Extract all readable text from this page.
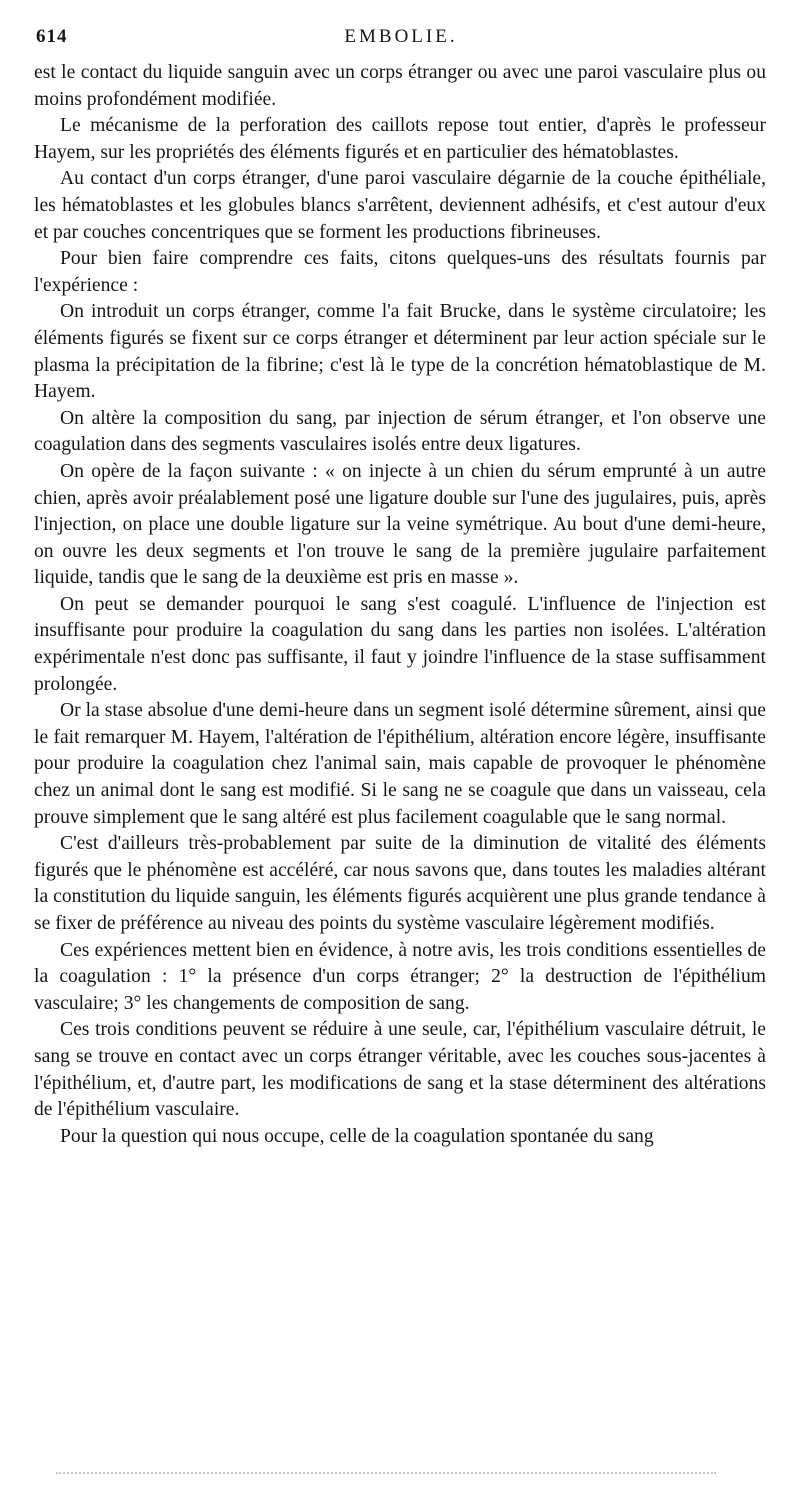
614	EMBOLIE.

est le contact du liquide sanguin avec un corps étranger ou avec une paroi vasculaire plus ou moins profondément modifiée.

Le mécanisme de la perforation des caillots repose tout entier, d'après le professeur Hayem, sur les propriétés des éléments figurés et en particulier des hématoblastes.

Au contact d'un corps étranger, d'une paroi vasculaire dégarnie de la couche épithéliale, les hématoblastes et les globules blancs s'arrêtent, deviennent adhésifs, et c'est autour d'eux et par couches concentriques que se forment les productions fibrineuses.

Pour bien faire comprendre ces faits, citons quelques-uns des résultats fournis par l'expérience :

On introduit un corps étranger, comme l'a fait Brucke, dans le système circulatoire; les éléments figurés se fixent sur ce corps étranger et déterminent par leur action spéciale sur le plasma la précipitation de la fibrine; c'est là le type de la concrétion hématoblastique de M. Hayem.

On altère la composition du sang, par injection de sérum étranger, et l'on observe une coagulation dans des segments vasculaires isolés entre deux ligatures.

On opère de la façon suivante : « on injecte à un chien du sérum emprunté à un autre chien, après avoir préalablement posé une ligature double sur l'une des jugulaires, puis, après l'injection, on place une double ligature sur la veine symétrique. Au bout d'une demi-heure, on ouvre les deux segments et l'on trouve le sang de la première jugulaire parfaitement liquide, tandis que le sang de la deuxième est pris en masse ».

On peut se demander pourquoi le sang s'est coagulé. L'influence de l'injection est insuffisante pour produire la coagulation du sang dans les parties non isolées. L'altération expérimentale n'est donc pas suffisante, il faut y joindre l'influence de la stase suffisamment prolongée.

Or la stase absolue d'une demi-heure dans un segment isolé détermine sûrement, ainsi que le fait remarquer M. Hayem, l'altération de l'épithélium, altération encore légère, insuffisante pour produire la coagulation chez l'animal sain, mais capable de provoquer le phénomène chez un animal dont le sang est modifié. Si le sang ne se coagule que dans un vaisseau, cela prouve simplement que le sang altéré est plus facilement coagulable que le sang normal.

C'est d'ailleurs très-probablement par suite de la diminution de vitalité des éléments figurés que le phénomène est accéléré, car nous savons que, dans toutes les maladies altérant la constitution du liquide sanguin, les éléments figurés acquièrent une plus grande tendance à se fixer de préférence au niveau des points du système vasculaire légèrement modifiés.

Ces expériences mettent bien en évidence, à notre avis, les trois conditions essentielles de la coagulation : 1° la présence d'un corps étranger; 2° la destruction de l'épithélium vasculaire; 3° les changements de composition de sang.

Ces trois conditions peuvent se réduire à une seule, car, l'épithélium vasculaire détruit, le sang se trouve en contact avec un corps étranger véritable, avec les couches sous-jacentes à l'épithélium, et, d'autre part, les modifications de sang et la stase déterminent des altérations de l'épithélium vasculaire.

Pour la question qui nous occupe, celle de la coagulation spontanée du sang
